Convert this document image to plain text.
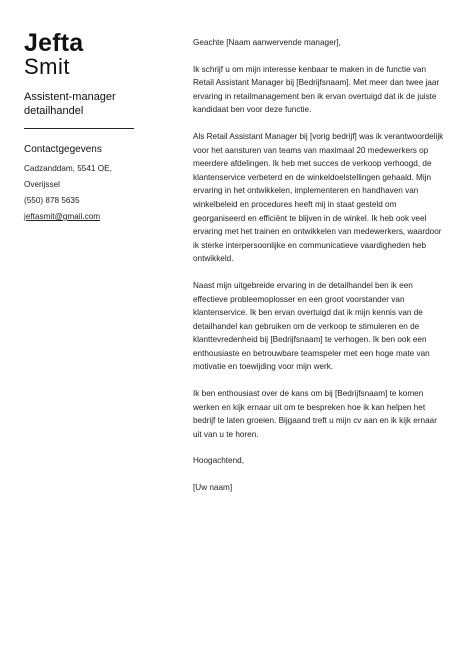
Jefta
Smit
Assistent-manager detailhandel
Contactgegevens
Cadzanddam, 5541 OE,
Overijssel
(550) 878 5635
jeftasmit@gmail.com

Geachte [Naam aanwervende manager],

Ik schrijf u om mijn interesse kenbaar te maken in de functie van Retail Assistant Manager bij [Bedrijfsnaam]. Met meer dan twee jaar ervaring in retailmanagement ben ik ervan overtuigd dat ik de juiste kandidaat ben voor deze functie.

Als Retail Assistant Manager bij [vorig bedrijf] was ik verantwoordelijk voor het aansturen van teams van maximaal 20 medewerkers op meerdere afdelingen. Ik heb met succes de verkoop verhoogd, de klantenservice verbeterd en de winkeldoelstellingen gehaald. Mijn ervaring in het ontwikkelen, implementeren en handhaven van winkelbeleid en procedures heeft mij in staat gesteld om georganiseerd en efficiënt te blijven in de winkel. Ik heb ook veel ervaring met het trainen en ontwikkelen van medewerkers, waardoor ik sterke interpersoonlijke en communicatieve vaardigheden heb ontwikkeld.

Naast mijn uitgebreide ervaring in de detailhandel ben ik een effectieve probleemoplosser en een groot voorstander van klantenservice. Ik ben ervan overtuigd dat ik mijn kennis van de detailhandel kan gebruiken om de verkoop te stimuleren en de klanttevredenheid bij [Bedrijfsnaam] te verhogen. Ik ben ook een enthousiaste en betrouwbare teamspeler met een hoge mate van motivatie en toewijding voor mijn werk.

Ik ben enthousiast over de kans om bij [Bedrijfsnaam] te komen werken en kijk ernaar uit om te bespreken hoe ik kan helpen het bedrijf te laten groeien. Bijgaand treft u mijn cv aan en ik kijk ernaar uit van u te horen.

Hoogachtend,

[Uw naam]
